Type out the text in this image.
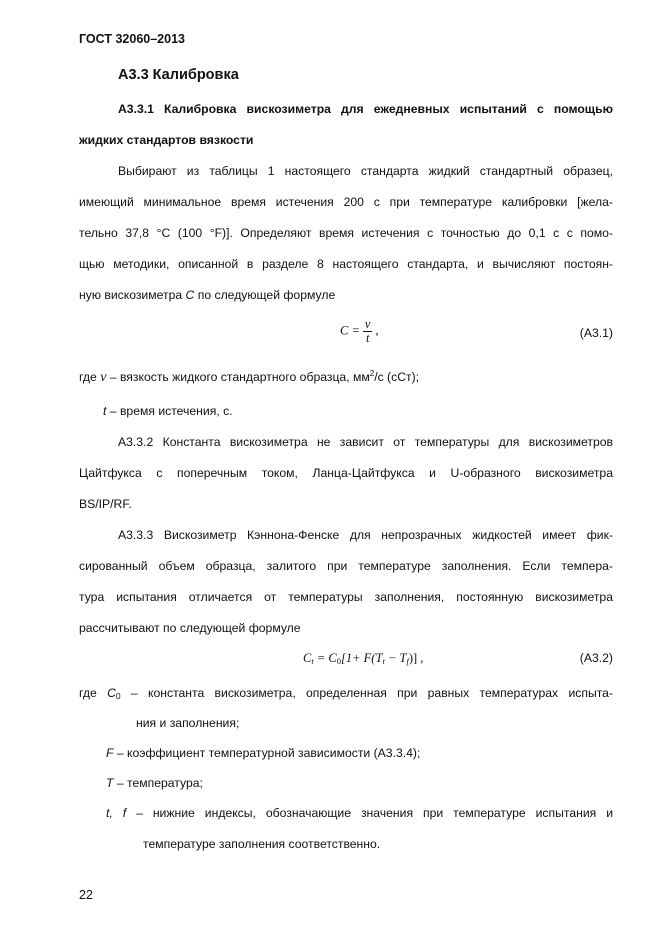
ГОСТ 32060–2013
А3.3 Калибровка
А3.3.1 Калибровка вискозиметра для ежедневных испытаний с помощью
жидких стандартов вязкости
Выбирают из таблицы 1 настоящего стандарта жидкий стандартный образец,
имеющий минимальное время истечения 200 с при температуре калибровки [жела-
тельно 37,8 °С (100 °F)]. Определяют время истечения с точностью до 0,1 с с помо-
щью методики, описанной в разделе 8 настоящего стандарта, и вычисляют постоян-
ную вискозиметра C по следующей формуле
$C = \frac{v}{t}$ ,	(А3.1)
где v – вязкость жидкого стандартного образца, $мм^2/с$ (сСт);
t – время истечения, с.
А3.3.2 Константа вискозиметра не зависит от температуры для вискозиметров
Цайтфукса с поперечным током, Ланца-Цайтфукса и U-образного вискозиметра
BS/IP/RF.
А3.3.3 Вискозиметр Кэннона-Фенске для непрозрачных жидкостей имеет фик-
сированный объем образца, залитого при температуре заполнения. Если темпера-
тура испытания отличается от температуры заполнения, постоянную вискозиметра
рассчитывают по следующей формуле
$C_t = C_0[1+ F(T_t - T_f)]$ ,	(А3.2)
где $C_0$ – константа вискозиметра, определенная при равных температурах испыта-
ния и заполнения;
F – коэффициент температурной зависимости (А3.3.4);
T – температура;
t, f – нижние индексы, обозначающие значения при температуре испытания и
температуре заполнения соответственно.
22
